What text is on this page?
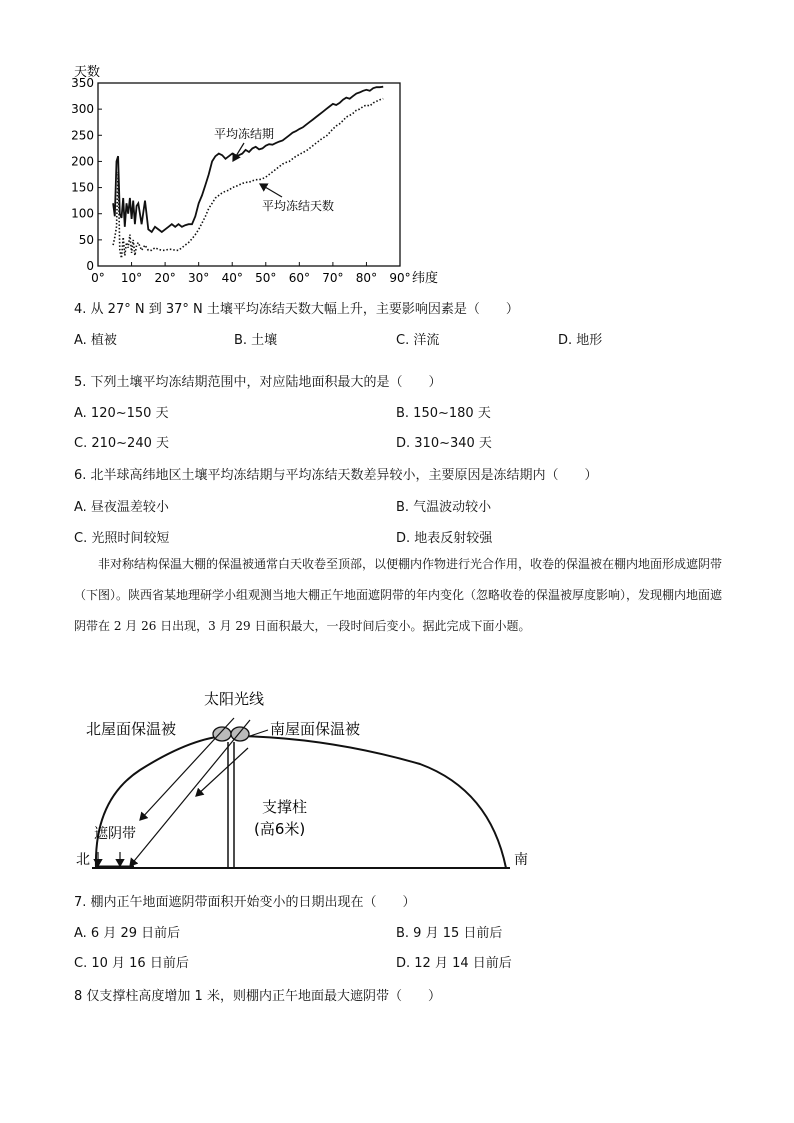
天数
纬度
0
50
100
150
200
250
300
350
0° 10° 20° 30° 40° 50° 60° 70° 80° 90°
平均冻结期
平均冻结天数
4. 从 27° N 到 37° N 土壤平均冻结天数大幅上升，主要影响因素是（　　）
A. 植被	B. 土壤	C. 洋流	D. 地形
5. 下列土壤平均冻结期范围中，对应陆地面积最大的是（　　）
A. 120~150 天	B. 150~180 天
C. 210~240 天	D. 310~340 天
6. 北半球高纬地区土壤平均冻结期与平均冻结天数差异较小，主要原因是冻结期内（　　）
A. 昼夜温差较小	B. 气温波动较小
C. 光照时间较短	D. 地表反射较强
非对称结构保温大棚的保温被通常白天收卷至顶部，以便棚内作物进行光合作用，收卷的保温被在棚内地面形成遮阴带（下图）。陕西省某地理研学小组观测当地大棚正午地面遮阴带的年内变化（忽略收卷的保温被厚度影响），发现棚内地面遮阴带在 2 月 26 日出现，3 月 29 日面积最大，一段时间后变小。据此完成下面小题。
太阳光线
北屋面保温被	南屋面保温被
支撑柱
(高6米)
遮阴带
北	南
7. 棚内正午地面遮阴带面积开始变小的日期出现在（　　）
A. 6 月 29 日前后	B. 9 月 15 日前后
C. 10 月 16 日前后	D. 12 月 14 日前后
8 仅支撑柱高度增加 1 米，则棚内正午地面最大遮阴带（　　）
